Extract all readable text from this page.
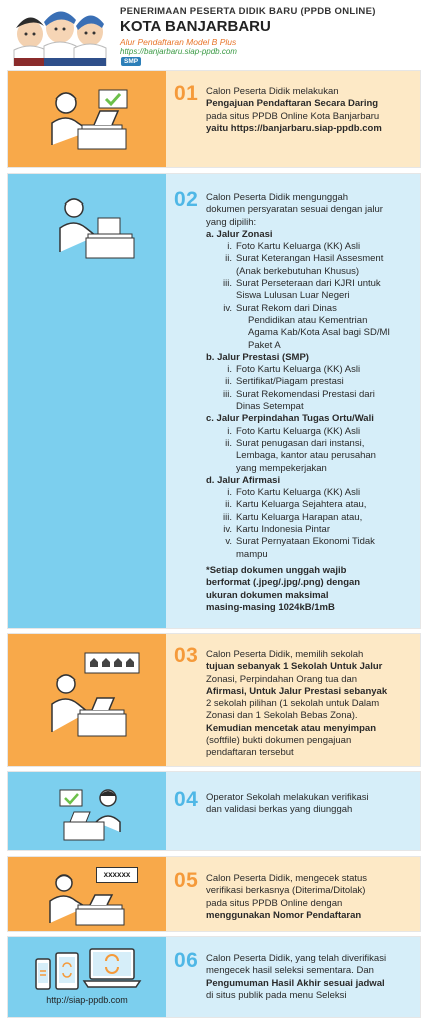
PENERIMAAN PESERTA DIDIK BARU (PPDB ONLINE)
KOTA BANJARBARU
Alur Pendaftaran Model B Plus
https://banjarbaru.siap-ppdb.com
SMP
01 Calon Peserta Didik melakukan
Pengajuan Pendaftaran Secara Daring
pada situs PPDB Online Kota Banjarbaru
yaitu https://banjarbaru.siap-ppdb.com
02 Calon Peserta Didik mengunggah
dokumen persyaratan sesuai dengan jalur
yang dipilih:
a. Jalur Zonasi
i. Foto Kartu Keluarga (KK) Asli
ii. Surat Keterangan Hasil Assesment
(Anak berkebutuhan Khusus)
iii. Surat Perseteraan dari KJRI untuk
Siswa Lulusan Luar Negeri
iv. Surat Rekom dari Dinas
Pendidikan atau Kementrian
Agama Kab/Kota Asal bagi SD/MI
Paket A
b. Jalur Prestasi (SMP)
i. Foto Kartu Keluarga (KK) Asli
ii. Sertifikat/Piagam prestasi
iii. Surat Rekomendasi Prestasi dari
Dinas Setempat
c. Jalur Perpindahan Tugas Ortu/Wali
i. Foto Kartu Keluarga (KK) Asli
ii. Surat penugasan dari instansi,
Lembaga, kantor atau perusahan
yang mempekerjakan
d. Jalur Afirmasi
i. Foto Kartu Keluarga (KK) Asli
ii. Kartu Keluarga Sejahtera atau,
iii. Kartu Keluarga Harapan atau,
iv. Kartu Indonesia Pintar
v. Surat Pernyataan Ekonomi Tidak
mampu
*Setiap dokumen unggah wajib
berformat (.jpeg/.jpg/.png) dengan
ukuran dokumen maksimal
masing-masing 1024kB/1mB
03 Calon Peserta Didik, memilih sekolah
tujuan sebanyak 1 Sekolah Untuk Jalur
Zonasi, Perpindahan Orang tua dan
Afirmasi, Untuk Jalur Prestasi sebanyak
2 sekolah pilihan (1 sekolah untuk Dalam
Zonasi dan 1 Sekolah Bebas Zona).
Kemudian mencetak atau menyimpan
(softfile) bukti dokumen pengajuan
pendaftaran tersebut
04 Operator Sekolah melakukan verifikasi
dan validasi berkas yang diunggah
xxxxxx	05 Calon Peserta Didik, mengecek status
verifikasi berkasnya (Diterima/Ditolak)
pada situs PPDB Online dengan
menggunakan Nomor Pendaftaran
http://siap-ppdb.com
06 Calon Peserta Didik, yang telah diverifikasi
mengecek hasil seleksi sementara. Dan
Pengumuman Hasil Akhir sesuai jadwal
di situs publik pada menu Seleksi
